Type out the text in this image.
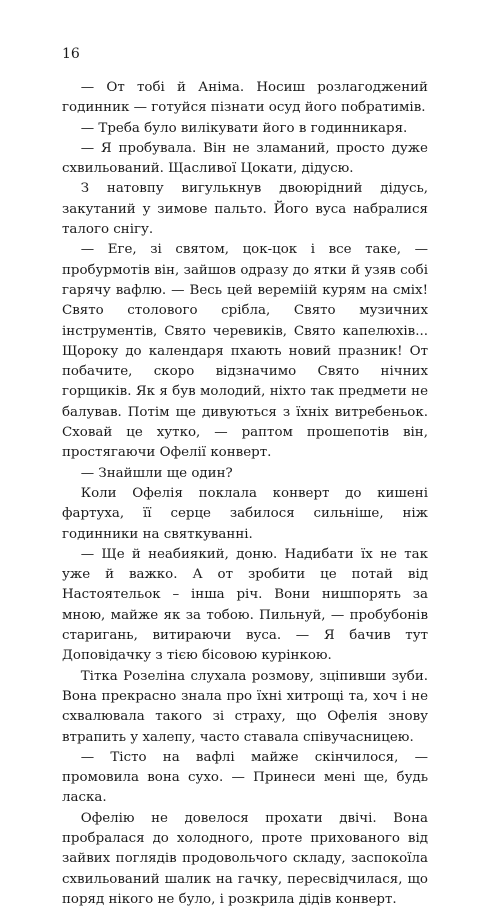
16

— От тобі й Аніма. Носиш розлагоджений годинник — готуйся пізнати осуд його побратимів.

— Треба було вилікувати його в годинникаря.

— Я пробувала. Він не зламаний, просто дуже схвильований. Щасливої Цокати, дідусю.

З натовпу вигулькнув двоюрідний дідусь, закутаний у зимове пальто. Його вуса набралися талого снігу.

— Еге, зі святом, цок-цок і все таке, — пробурмотів він, зайшов одразу до ятки й узяв собі гарячу вафлю. — Весь цей вереміій курям на сміх! Свято столового срібла, Свято музичних інструментів, Свято черевиків, Свято капелюхів... Щороку до календаря пхають новий празник! От побачите, скоро відзначимо Свято нічних горщиків. Як я був молодий, ніхто так предмети не балував. Потім ще дивуються з їхніх витребеньок. Сховай це хутко, — раптом прошепотів він, простягаючи Офелії конверт.

— Знайшли ще один?

Коли Офелія поклала конверт до кишені фартуха, її серце забилося сильніше, ніж годинники на святкуванні.

— Ще й неабиякий, доню. Надибати їх не так уже й важко. А от зробити це потай від Настоятельок – інша річ. Вони нишпорять за мною, майже як за тобою. Пильнуй, — пробубонів старигань, витираючи вуса. — Я бачив тут Доповідачку з тією бісовою курінкою.

Тітка Розеліна слухала розмову, зціпивши зуби. Вона прекрасно знала про їхні хитрощі та, хоч і не схвалювала такого зі страху, що Офелія знову втрапить у халепу, часто ставала співучасницею.

— Тісто на вафлі майже скінчилося, — промовила вона сухо. — Принеси мені ще, будь ласка.

Офелію не довелося прохати двічі. Вона пробралася до холодного, проте прихованого від зайвих поглядів продовольчого складу, заспокоїла схвильований шалик на гачку, пересвідчилася, що поряд нікого не було, і розкрила дідів конверт.
